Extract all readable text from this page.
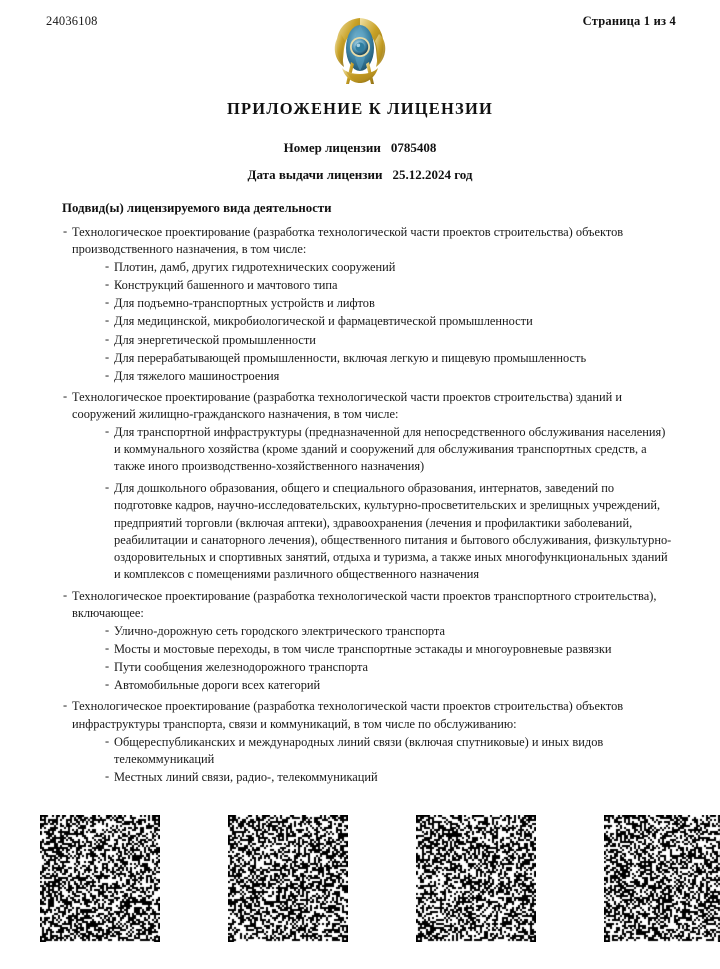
24036108	Страница 1 из 4
ПРИЛОЖЕНИЕ К ЛИЦЕНЗИИ
Номер лицензии 0785408
Дата выдачи лицензии 25.12.2024 год
Подвид(ы) лицензируемого вида деятельности
- Технологическое проектирование (разработка технологической части проектов строительства) объектов производственного назначения, в том числе:
- Плотин, дамб, других гидротехнических сооружений
- Конструкций башенного и мачтового типа
- Для подъемно-транспортных устройств и лифтов
- Для медицинской, микробиологической и фармацевтической промышленности
- Для энергетической промышленности
- Для перерабатывающей промышленности, включая легкую и пищевую промышленность
- Для тяжелого машиностроения
- Технологическое проектирование (разработка технологической части проектов строительства) зданий и сооружений жилищно-гражданского назначения, в том числе:
- Для транспортной инфраструктуры (предназначенной для непосредственного обслуживания населения) и коммунального хозяйства (кроме зданий и сооружений для обслуживания транспортных средств, а также иного производственно-хозяйственного назначения)
- Для дошкольного образования, общего и специального образования, интернатов, заведений по подготовке кадров, научно-исследовательских, культурно-просветительских и зрелищных учреждений, предприятий торговли (включая аптеки), здравоохранения (лечения и профилактики заболеваний, реабилитации и санаторного лечения), общественного питания и бытового обслуживания, физкультурно-оздоровительных и спортивных занятий, отдыха и туризма, а также иных многофункциональных зданий и комплексов с помещениями различного общественного назначения
- Технологическое проектирование (разработка технологической части проектов транспортного строительства), включающее:
- Улично-дорожную сеть городского электрического транспорта
- Мосты и мостовые переходы, в том числе транспортные эстакады и многоуровневые развязки
- Пути сообщения железнодорожного транспорта
- Автомобильные дороги всех категорий
- Технологическое проектирование (разработка технологической части проектов строительства) объектов инфраструктуры транспорта, связи и коммуникаций, в том числе по обслуживанию:
- Общереспубликанских и международных линий связи (включая спутниковые) и иных видов телекоммуникаций
- Местных линий связи, радио-, телекоммуникаций
